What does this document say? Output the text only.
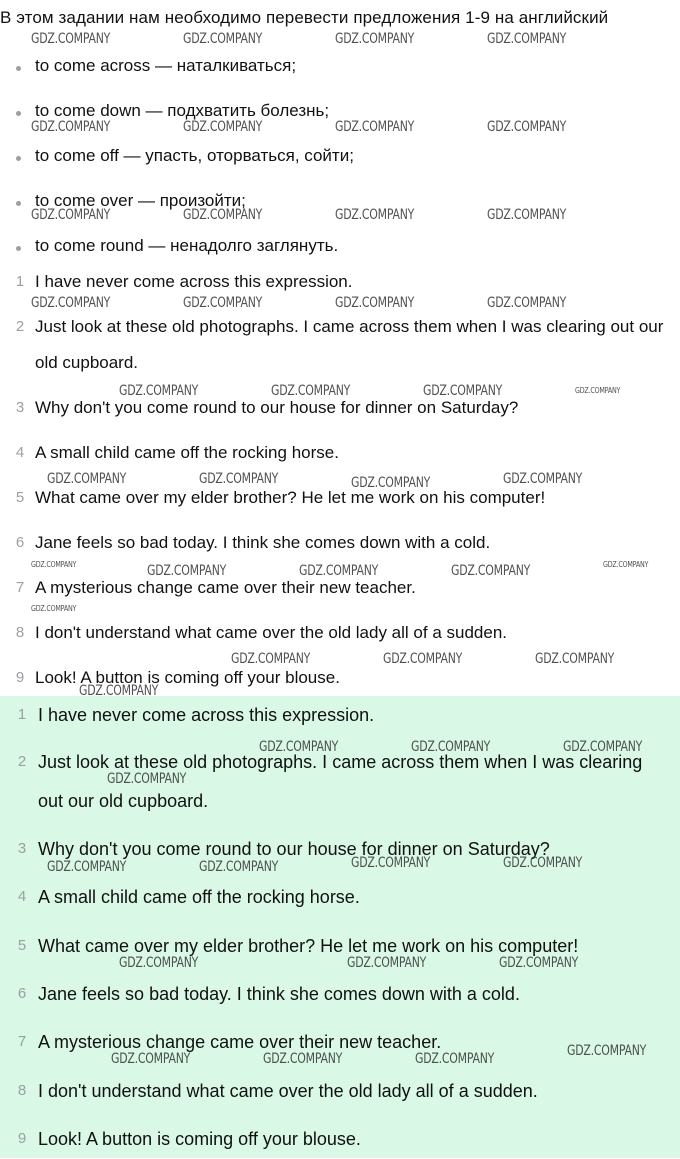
В этом задании нам необходимо перевести предложения 1-9 на английский
to come across — наталкиваться;
to come down — подхватить болезнь;
to come off — упасть, оторваться, сойти;
to come over — произойти;
to come round — ненадолго заглянуть.
1 I have never come across this expression.
2 Just look at these old photographs. I came across them when I was clearing out our old cupboard.
3 Why don't you come round to our house for dinner on Saturday?
4 A small child came off the rocking horse.
5 What came over my elder brother? He let me work on his computer!
6 Jane feels so bad today. I think she comes down with a cold.
7 A mysterious change came over their new teacher.
8 I don't understand what came over the old lady all of a sudden.
9 Look! A button is coming off your blouse.
1 I have never come across this expression.
2 Just look at these old photographs. I came across them when I was clearing out our old cupboard.
3 Why don't you come round to our house for dinner on Saturday?
4 A small child came off the rocking horse.
5 What came over my elder brother? He let me work on his computer!
6 Jane feels so bad today. I think she comes down with a cold.
7 A mysterious change came over their new teacher.
8 I don't understand what came over the old lady all of a sudden.
9 Look! A button is coming off your blouse.
GDZ.COMPANY	GDZ.COMPANY	GDZ.COMPANY	GDZ.COMPANY
GDZ.COMPANY	GDZ.COMPANY	GDZ.COMPANY	GDZ.COMPANY
GDZ.COMPANY	GDZ.COMPANY	GDZ.COMPANY	GDZ.COMPANY
GDZ.COMPANY	GDZ.COMPANY	GDZ.COMPANY	GDZ.COMPANY
GDZ.COMPANY	GDZ.COMPANY	GDZ.COMPANY	GDZ.COMPANY
GDZ.COMPANY	GDZ.COMPANY	GDZ.COMPANY	GDZ.COMPANY
GDZ.COMPANY	GDZ.COMPANY	GDZ.COMPANY	GDZ.COMPANY	GDZ.COMPANY
GDZ.COMPANY
GDZ.COMPANY	GDZ.COMPANY	GDZ.COMPANY
GDZ.COMPANY
GDZ.COMPANY	GDZ.COMPANY	GDZ.COMPANY
GDZ.COMPANY
GDZ.COMPANY	GDZ.COMPANY	GDZ.COMPANY	GDZ.COMPANY
GDZ.COMPANY	GDZ.COMPANY	GDZ.COMPANY
GDZ.COMPANY	GDZ.COMPANY	GDZ.COMPANY	GDZ.COMPANY
